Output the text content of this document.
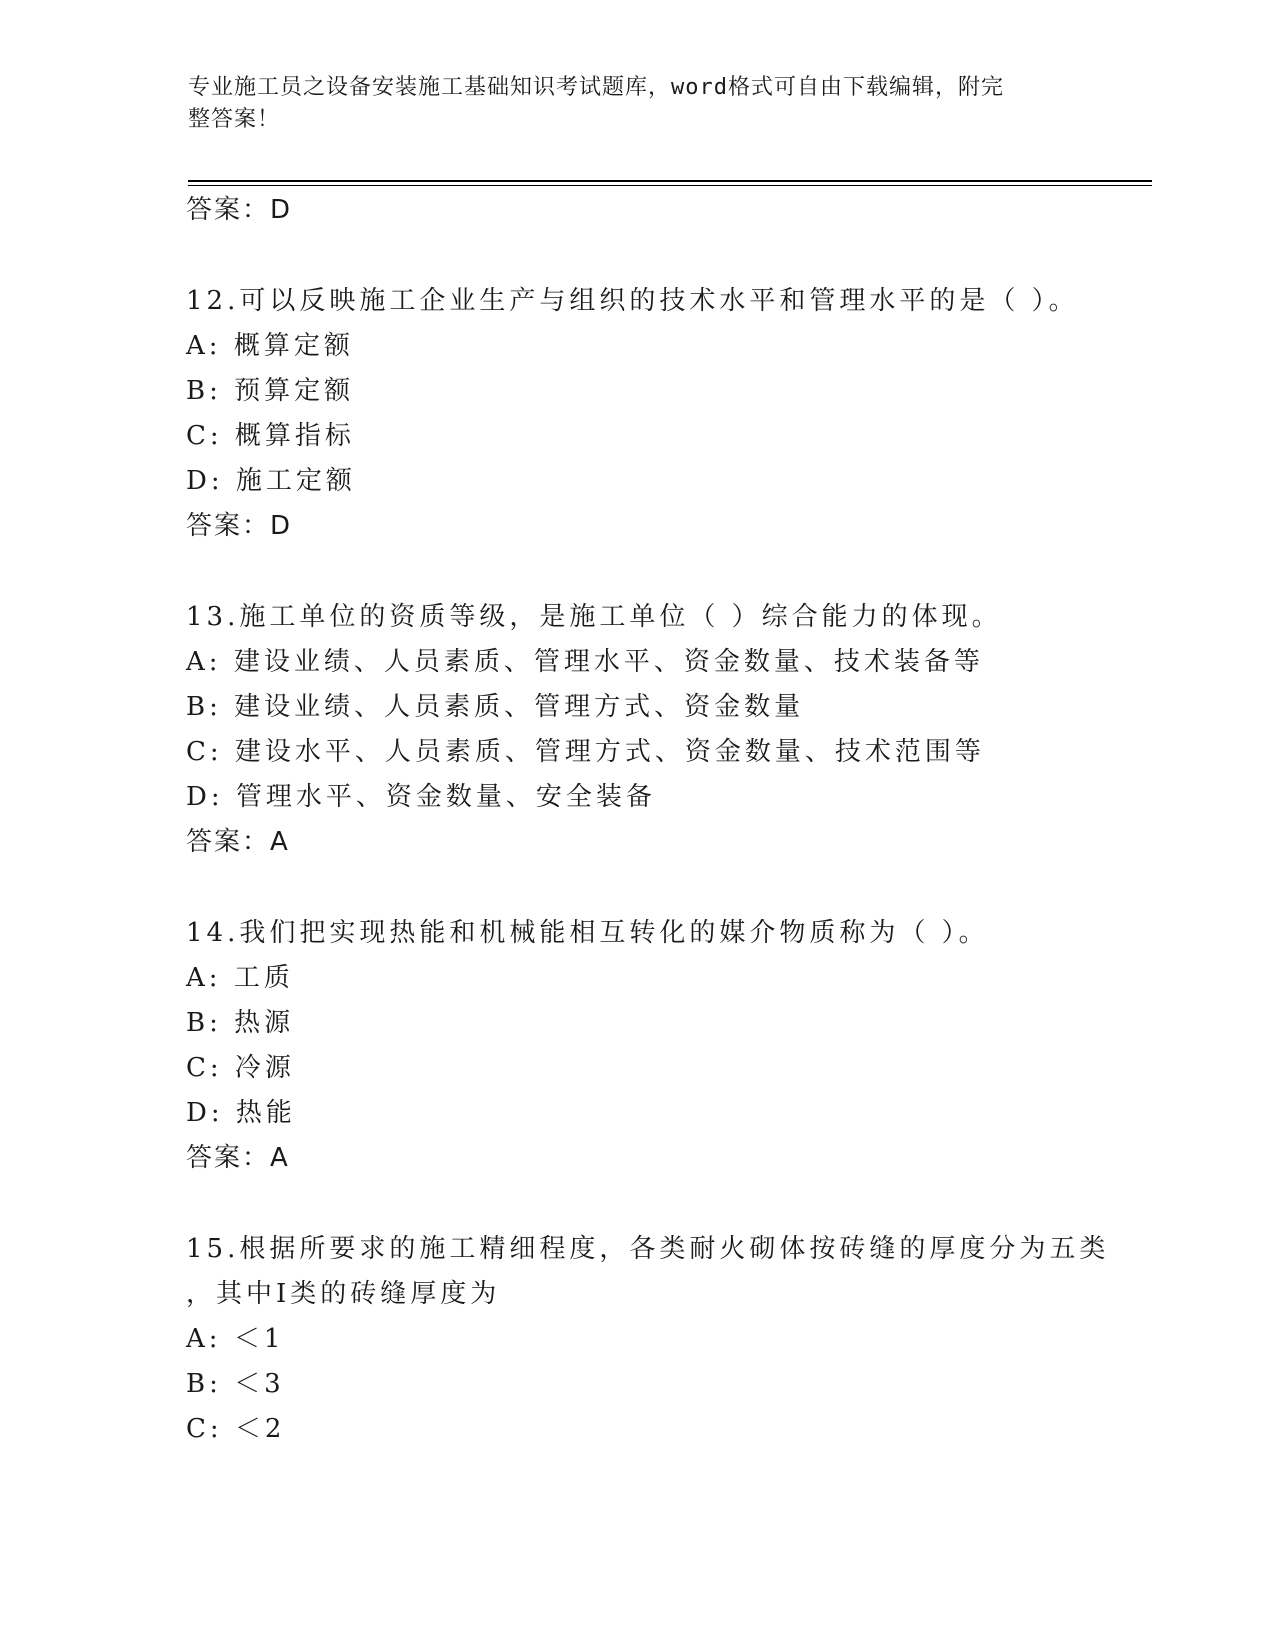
专业施工员之设备安装施工基础知识考试题库，word格式可自由下载编辑，附完
整答案！
答案：D
12.可以反映施工企业生产与组织的技术水平和管理水平的是（ ）。
A: 概算定额
B: 预算定额
C: 概算指标
D: 施工定额
答案：D
13.施工单位的资质等级，是施工单位（ ）综合能力的体现。
A: 建设业绩、人员素质、管理水平、资金数量、技术装备等
B: 建设业绩、人员素质、管理方式、资金数量
C: 建设水平、人员素质、管理方式、资金数量、技术范围等
D: 管理水平、资金数量、安全装备
答案：A
14.我们把实现热能和机械能相互转化的媒介物质称为（ ）。
A: 工质
B: 热源
C: 冷源
D: 热能
答案：A
15.根据所要求的施工精细程度，各类耐火砌体按砖缝的厚度分为五类
，其中Ⅰ类的砖缝厚度为
A: ＜1
B: ＜3
C: ＜2
